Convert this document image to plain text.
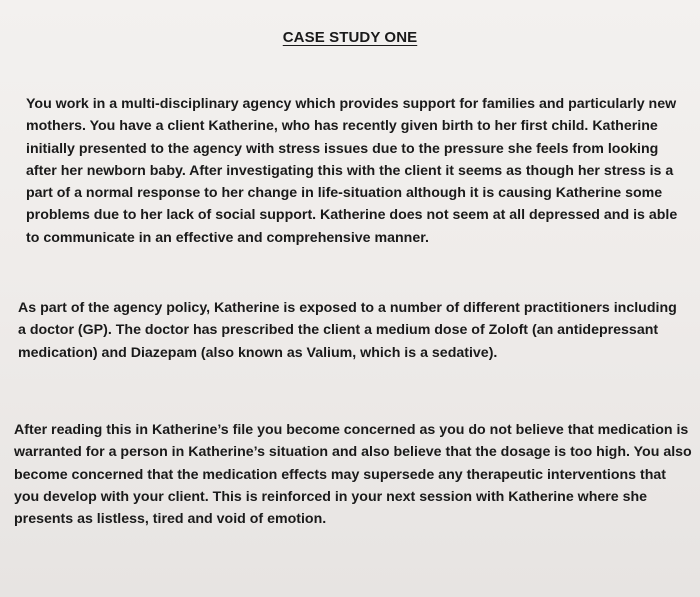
CASE STUDY ONE
You work in a multi-disciplinary agency which provides support for families and particularly new mothers. You have a client Katherine, who has recently given birth to her first child. Katherine initially presented to the agency with stress issues due to the pressure she feels from looking after her newborn baby. After investigating this with the client it seems as though her stress is a part of a normal response to her change in life-situation although it is causing Katherine some problems due to her lack of social support. Katherine does not seem at all depressed and is able to communicate in an effective and comprehensive manner.
As part of the agency policy, Katherine is exposed to a number of different practitioners including a doctor (GP). The doctor has prescribed the client a medium dose of Zoloft (an antidepressant medication) and Diazepam (also known as Valium, which is a sedative).
After reading this in Katherine’s file you become concerned as you do not believe that medication is warranted for a person in Katherine’s situation and also believe that the dosage is too high. You also become concerned that the medication effects may supersede any therapeutic interventions that you develop with your client. This is reinforced in your next session with Katherine where she presents as listless, tired and void of emotion.
